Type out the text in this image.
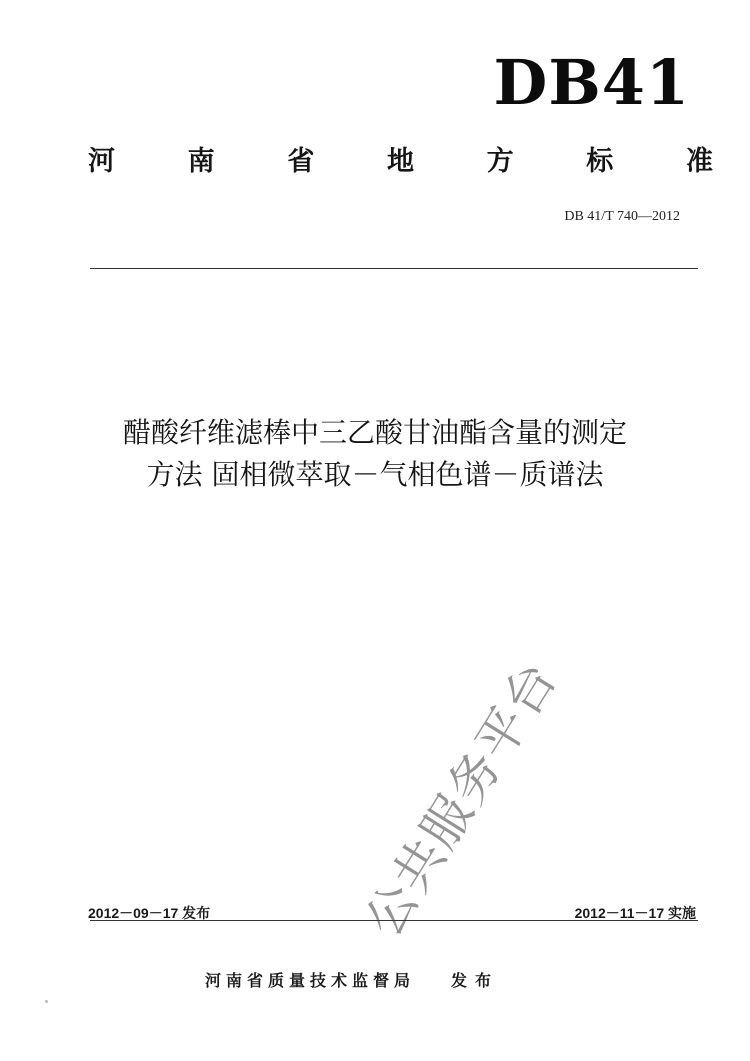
DB41
河	南	省	地	方	标	准
DB 41/T 740—2012
醋酸纤维滤棒中三乙酸甘油酯含量的测定
方法 固相微萃取－气相色谱－质谱法
公共服务平台
2012－09－17 发布	2012－11－17 实施
河南省质量技术监督局 发布
